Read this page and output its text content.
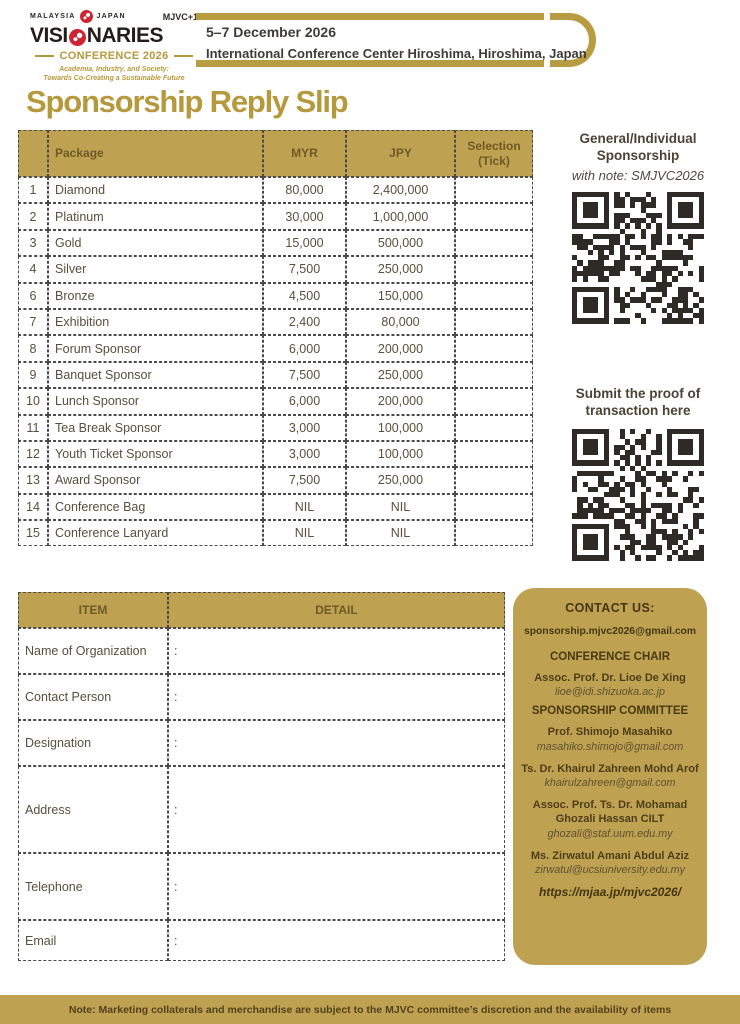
MALAYSIA	JAPAN	MJVC+1
VISI NARIES
CONFERENCE 2026
Academia, Industry, and Society:
Towards Co-Creating a Sustainable Future
5–7 December 2026
International Conference Center Hiroshima, Hiroshima, Japan
Sponsorship Reply Slip
	Package	MYR	JPY	Selection
(Tick)
1	Diamond	80,000	2,400,000	
2	Platinum	30,000	1,000,000	
3	Gold	15,000	500,000	
4	Silver	7,500	250,000	
6	Bronze	4,500	150,000	
7	Exhibition	2,400	80,000	
8	Forum Sponsor	6,000	200,000	
9	Banquet Sponsor	7,500	250,000	
10	Lunch Sponsor	6,000	200,000	
11	Tea Break Sponsor	3,000	100,000	
12	Youth Ticket Sponsor	3,000	100,000	
13	Award Sponsor	7,500	250,000	
14	Conference Bag	NIL	NIL	
15	Conference Lanyard	NIL	NIL	
General/Individual
Sponsorship
with note: SMJVC2026
Submit the proof of
transaction here
ITEM	DETAIL
Name of Organization	:
Contact Person	:
Designation	:
Address	:
Telephone	:
Email	:
CONTACT US:
sponsorship.mjvc2026@gmail.com
CONFERENCE CHAIR
Assoc. Prof. Dr. Lioe De Xing
lioe@idi.shizuoka.ac.jp
SPONSORSHIP COMMITTEE
Prof. Shimojo Masahiko
masahiko.shimojo@gmail.com
Ts. Dr. Khairul Zahreen Mohd Arof
khairulzahreen@gmail.com
Assoc. Prof. Ts. Dr. Mohamad Ghozali Hassan CILT
ghozali@staf.uum.edu.my
Ms. Zirwatul Amani Abdul Aziz
zirwatul@ucsiuniversity.edu.my
https://mjaa.jp/mjvc2026/
Note: Marketing collaterals and merchandise are subject to the MJVC committee’s discretion and the availability of items
